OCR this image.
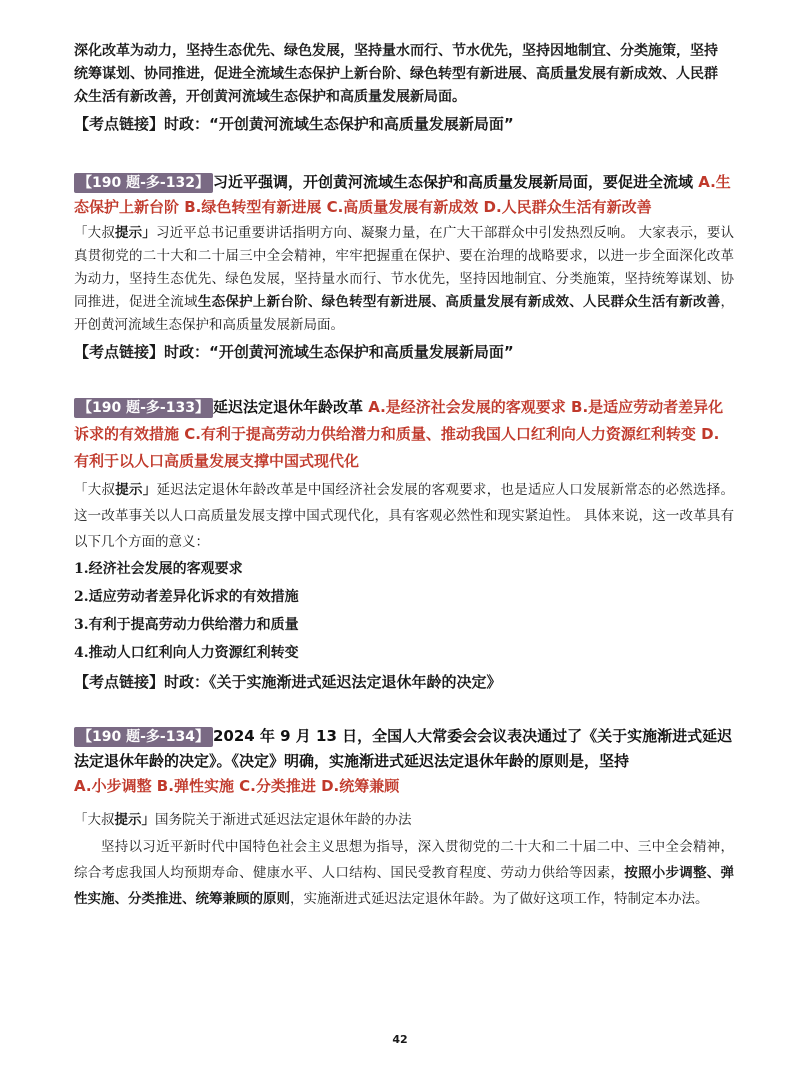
深化改革为动力，坚持生态优先、绿色发展，坚持量水而行、节水优先，坚持因地制宜、分类施策，坚持

统筹谋划、协同推进，促进全流域生态保护上新台阶、绿色转型有新进展、高质量发展有新成效、人民群

众生活有新改善，开创黄河流域生态保护和高质量发展新局面。

【考点链接】时政：“开创黄河流域生态保护和高质量发展新局面”

【190 题-多-132】 习近平强调，开创黄河流域生态保护和高质量发展新局面，要促进全流域 A.生态保护上新台阶 B.绿色转型有新进展 C.高质量发展有新成效 D.人民群众生活有新改善

「大叔提示」习近平总书记重要讲话指明方向、凝聚力量，在广大干部群众中引发热烈反响。 大家表示，要认真贯彻党的二十大和二十届三中全会精神，牢牢把握重在保护、要在治理的战略要求，以进一步全面深化改革为动力，坚持生态优先、绿色发展，坚持量水而行、节水优先，坚持因地制宜、分类施策，坚持统筹谋划、协同推进，促进全流域生态保护上新台阶、绿色转型有新进展、高质量发展有新成效、人民群众生活有新改善，开创黄河流域生态保护和高质量发展新局面。

【考点链接】时政：“开创黄河流域生态保护和高质量发展新局面”

【190 题-多-133】 延迟法定退休年龄改革 A.是经济社会发展的客观要求 B.是适应劳动者差异化诉求的有效措施 C.有利于提高劳动力供给潜力和质量、推动我国人口红利向人力资源红利转变 D.有利于以人口高质量发展支撑中国式现代化

「大叔提示」延迟法定退休年龄改革是中国经济社会发展的客观要求，也是适应人口发展新常态的必然选择。 这一改革事关以人口高质量发展支撑中国式现代化，具有客观必然性和现实紧迫性。 具体来说，这一改革具有以下几个方面的意义：

1.经济社会发展的客观要求

2.适应劳动者差异化诉求的有效措施

3.有利于提高劳动力供给潜力和质量

4.推动人口红利向人力资源红利转变

【考点链接】时政：《关于实施渐进式延迟法定退休年龄的决定》

【190 题-多-134】 2024 年 9 月 13 日，全国人大常委会会议表决通过了《关于实施渐进式延迟法定退休年龄的决定》。《决定》明确，实施渐进式延迟法定退休年龄的原则是，坚持
A.小步调整 B.弹性实施 C.分类推进 D.统筹兼顾

「大叔提示」国务院关于渐进式延迟法定退休年龄的办法

坚持以习近平新时代中国特色社会主义思想为指导，深入贯彻党的二十大和二十届二中、三中全会精神，综合考虑我国人均预期寿命、健康水平、人口结构、国民受教育程度、劳动力供给等因素，按照小步调整、弹性实施、分类推进、统筹兼顾的原则，实施渐进式延迟法定退休年龄。为了做好这项工作，特制定本办法。

42
